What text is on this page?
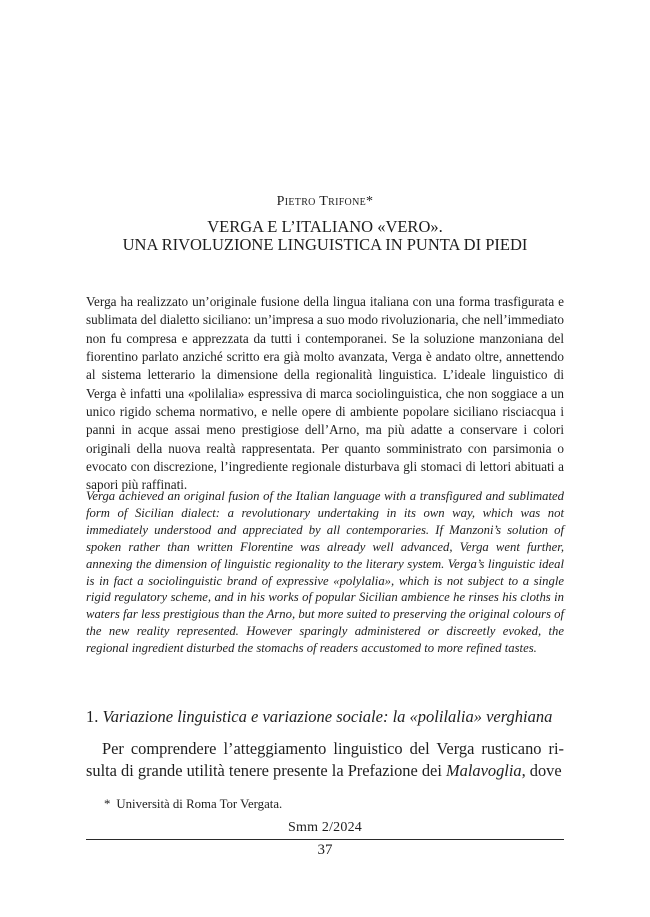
Pietro Trifone*
VERGA E L’ITALIANO «VERO».
UNA RIVOLUZIONE LINGUISTICA IN PUNTA DI PIEDI

Verga ha realizzato un’originale fusione della lingua italiana con una forma trasfigurata e sublimata del dialetto siciliano: un’impresa a suo modo rivoluzionaria, che nell’immediato non fu compresa e apprezzata da tutti i contemporanei. Se la soluzione manzoniana del fiorentino parlato anziché scritto era già molto avanzata, Verga è andato oltre, annettendo al sistema letterario la dimensione della regionalità linguistica. L’ideale linguistico di Verga è infatti una «polilalia» espressiva di marca sociolinguistica, che non soggiace a un unico rigido schema normativo, e nelle opere di ambiente popolare siciliano risciacqua i panni in acque assai meno prestigiose dell’Arno, ma più adatte a conservare i colori originali della nuova realtà rappresentata. Per quanto somministrato con parsimonia o evocato con discrezione, l’ingrediente regionale disturbava gli stomaci di lettori abituati a sapori più raffinati.

Verga achieved an original fusion of the Italian language with a transfigured and sublimated form of Sicilian dialect: a revolutionary undertaking in its own way, which was not immediately understood and appreciated by all contemporaries. If Manzoni’s solution of spoken rather than written Florentine was already well advanced, Verga went further, annexing the dimension of linguistic regionality to the literary system. Verga’s linguistic ideal is in fact a sociolinguistic brand of expressive «polylalia», which is not subject to a single rigid regulatory scheme, and in his works of popular Sicilian ambience he rinses his cloths in waters far less prestigious than the Arno, but more suited to preserving the original colours of the new reality represented. However sparingly administered or discreetly evoked, the regional ingredient disturbed the stomachs of readers accustomed to more refined tastes.

1. Variazione linguistica e variazione sociale: la «polilalia» verghiana

Per comprendere l’atteggiamento linguistico del Verga rusticano risulta di grande utilità tenere presente la Prefazione dei Malavoglia, dove

* Università di Roma Tor Vergata.
Smm 2/2024
37
